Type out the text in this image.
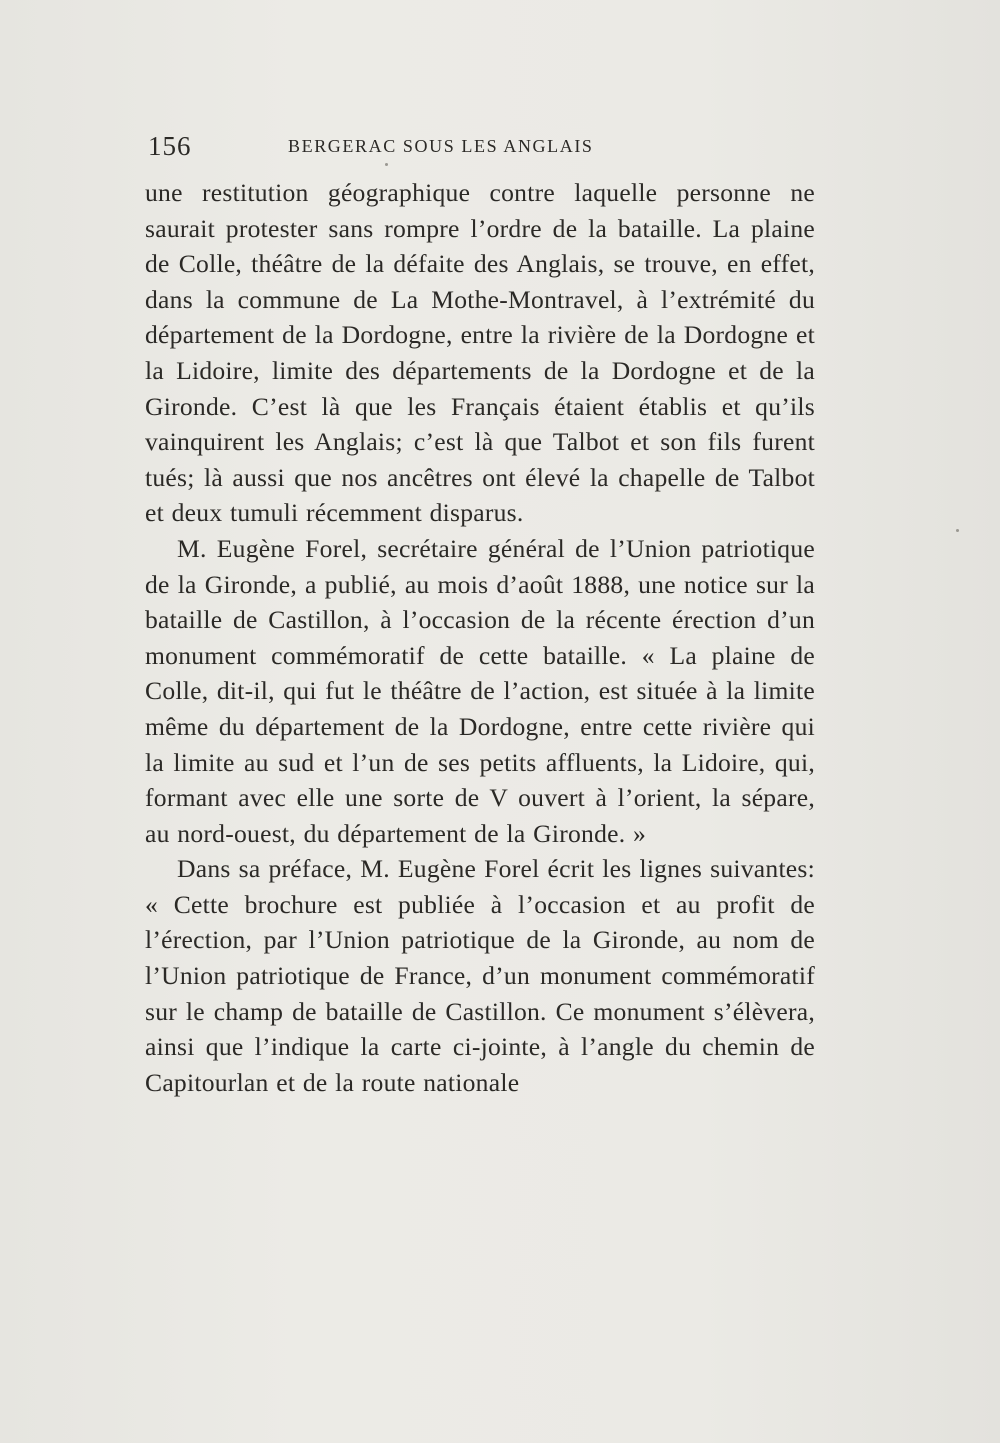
156	BERGERAC SOUS LES ANGLAIS

une restitution géographique contre laquelle personne ne saurait protester sans rompre l’ordre de la bataille. La plaine de Colle, théâtre de la défaite des Anglais, se trouve, en effet, dans la commune de La Mothe-Montravel, à l’extrémité du département de la Dordogne, entre la rivière de la Dordogne et la Lidoire, limite des départements de la Dordogne et de la Gironde. C’est là que les Français étaient établis et qu’ils vainquirent les Anglais; c’est là que Talbot et son fils furent tués; là aussi que nos ancêtres ont élevé la chapelle de Talbot et deux tumuli récemment disparus.

M. Eugène Forel, secrétaire général de l’Union patriotique de la Gironde, a publié, au mois d’août 1888, une notice sur la bataille de Castillon, à l’occasion de la récente érection d’un monument commémoratif de cette bataille. « La plaine de Colle, dit-il, qui fut le théâtre de l’action, est située à la limite même du département de la Dordogne, entre cette rivière qui la limite au sud et l’un de ses petits affluents, la Lidoire, qui, formant avec elle une sorte de V ouvert à l’orient, la sépare, au nord-ouest, du département de la Gironde. »

Dans sa préface, M. Eugène Forel écrit les lignes suivantes: « Cette brochure est publiée à l’occasion et au profit de l’érection, par l’Union patriotique de la Gironde, au nom de l’Union patriotique de France, d’un monument commémoratif sur le champ de bataille de Castillon. Ce monument s’élèvera, ainsi que l’indique la carte ci-jointe, à l’angle du chemin de Capitourlan et de la route nationale
